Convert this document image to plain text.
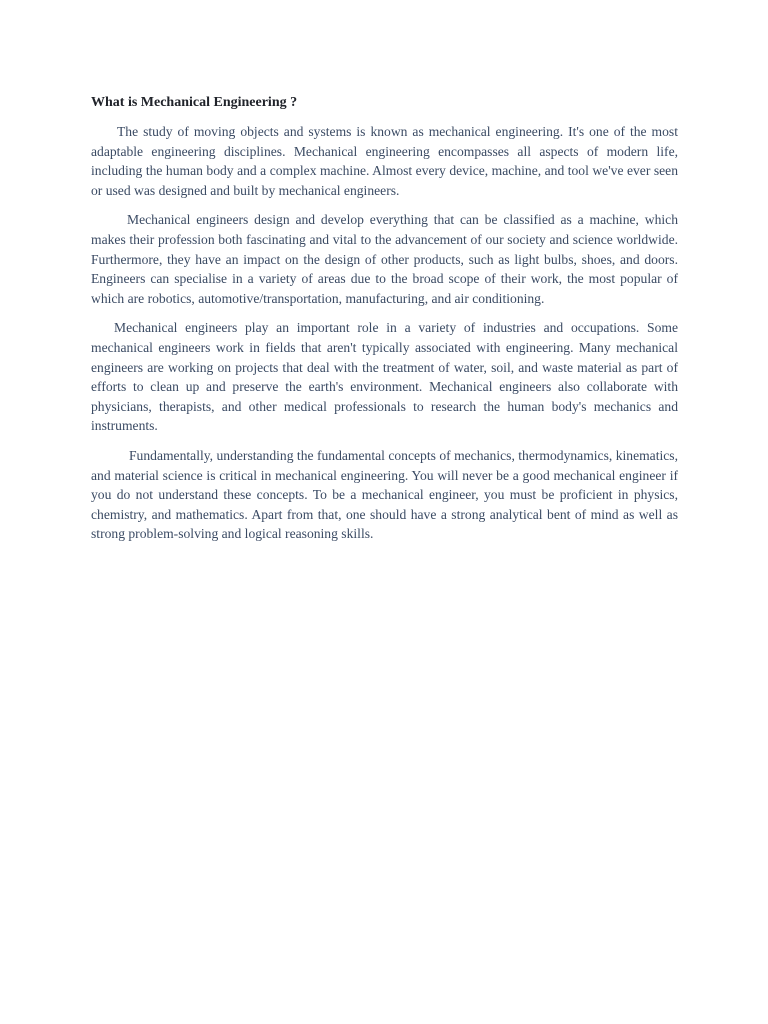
What is Mechanical Engineering ?

The study of moving objects and systems is known as mechanical engineering. It's one of the most adaptable engineering disciplines. Mechanical engineering encompasses all aspects of modern life, including the human body and a complex machine. Almost every device, machine, and tool we've ever seen or used was designed and built by mechanical engineers.

Mechanical engineers design and develop everything that can be classified as a machine, which makes their profession both fascinating and vital to the advancement of our society and science worldwide. Furthermore, they have an impact on the design of other products, such as light bulbs, shoes, and doors. Engineers can specialise in a variety of areas due to the broad scope of their work, the most popular of which are robotics, automotive/transportation, manufacturing, and air conditioning.

Mechanical engineers play an important role in a variety of industries and occupations. Some mechanical engineers work in fields that aren't typically associated with engineering. Many mechanical engineers are working on projects that deal with the treatment of water, soil, and waste material as part of efforts to clean up and preserve the earth's environment. Mechanical engineers also collaborate with physicians, therapists, and other medical professionals to research the human body's mechanics and instruments.

Fundamentally, understanding the fundamental concepts of mechanics, thermodynamics, kinematics, and material science is critical in mechanical engineering. You will never be a good mechanical engineer if you do not understand these concepts. To be a mechanical engineer, you must be proficient in physics, chemistry, and mathematics. Apart from that, one should have a strong analytical bent of mind as well as strong problem-solving and logical reasoning skills.
